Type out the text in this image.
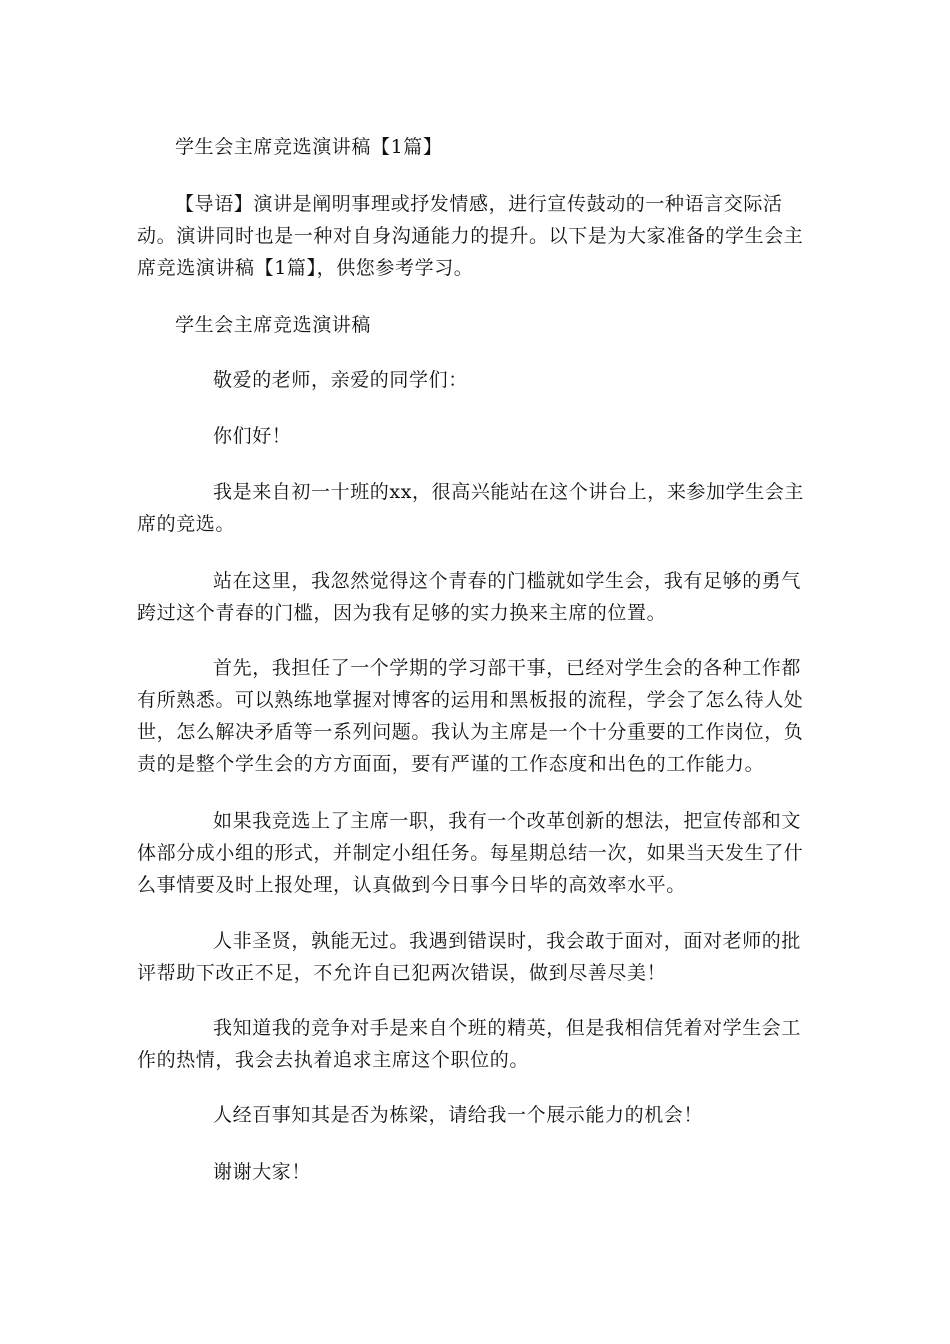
学生会主席竞选演讲稿【1篇】

【导语】演讲是阐明事理或抒发情感，进行宣传鼓动的一种语言交际活动。演讲同时也是一种对自身沟通能力的提升。以下是为大家准备的学生会主席竞选演讲稿【1篇】，供您参考学习。

学生会主席竞选演讲稿

敬爱的老师，亲爱的同学们：

你们好！

我是来自初一十班的xx，很高兴能站在这个讲台上，来参加学生会主席的竞选。

站在这里，我忽然觉得这个青春的门槛就如学生会，我有足够的勇气跨过这个青春的门槛，因为我有足够的实力换来主席的位置。

首先，我担任了一个学期的学习部干事，已经对学生会的各种工作都有所熟悉。可以熟练地掌握对博客的运用和黑板报的流程，学会了怎么待人处世，怎么解决矛盾等一系列问题。我认为主席是一个十分重要的工作岗位，负责的是整个学生会的方方面面，要有严谨的工作态度和出色的工作能力。

如果我竞选上了主席一职，我有一个改革创新的想法，把宣传部和文体部分成小组的形式，并制定小组任务。每星期总结一次，如果当天发生了什么事情要及时上报处理，认真做到今日事今日毕的高效率水平。

人非圣贤，孰能无过。我遇到错误时，我会敢于面对，面对老师的批评帮助下改正不足，不允许自已犯两次错误，做到尽善尽美！

我知道我的竞争对手是来自个班的精英，但是我相信凭着对学生会工作的热情，我会去执着追求主席这个职位的。

人经百事知其是否为栋梁，请给我一个展示能力的机会！

谢谢大家！
